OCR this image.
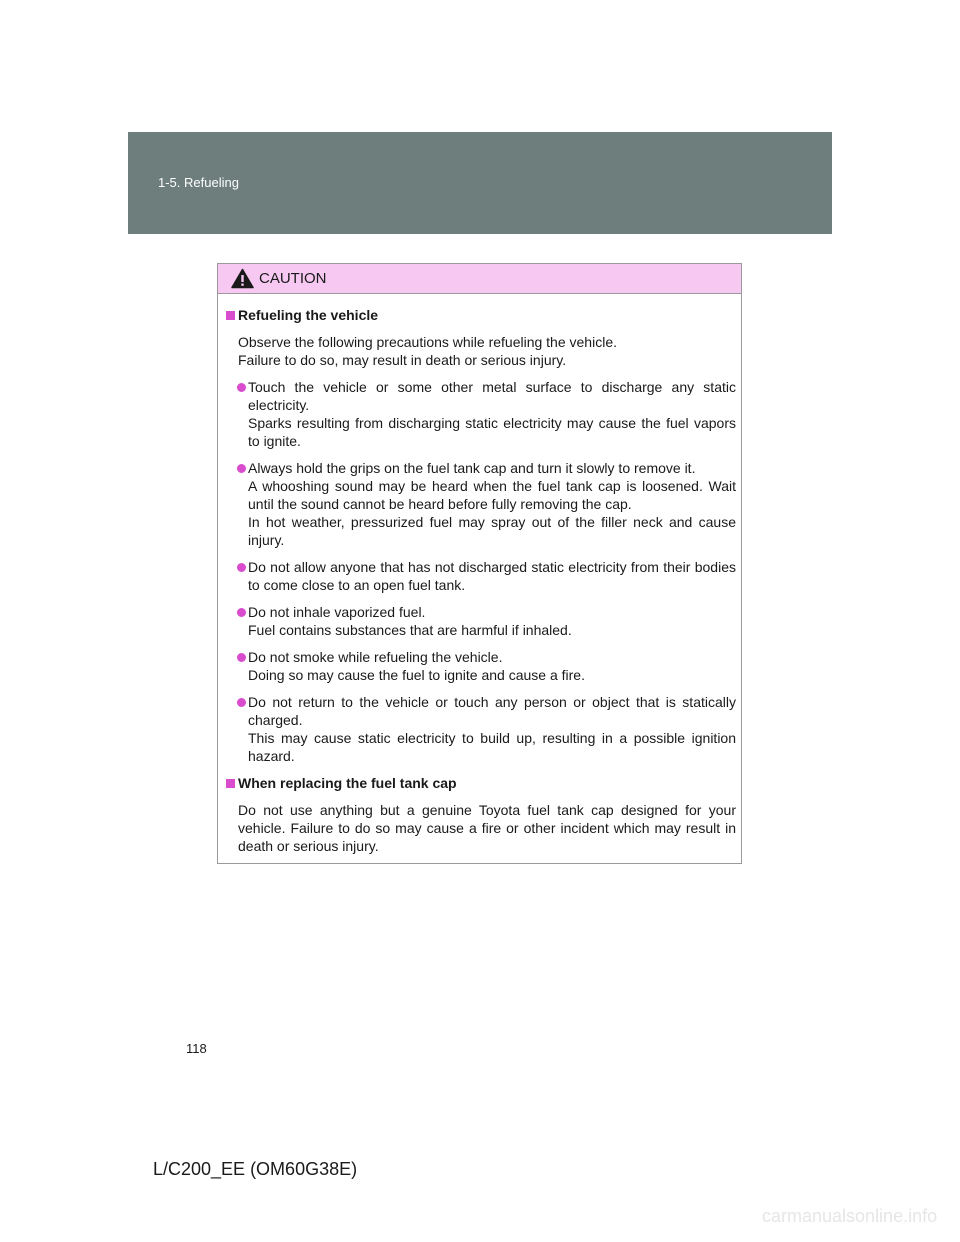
1-5. Refueling
CAUTION
Refueling the vehicle
Observe the following precautions while refueling the vehicle.
Failure to do so, may result in death or serious injury.
Touch the vehicle or some other metal surface to discharge any static electricity.
Sparks resulting from discharging static electricity may cause the fuel vapors to ignite.
Always hold the grips on the fuel tank cap and turn it slowly to remove it.
A whooshing sound may be heard when the fuel tank cap is loosened. Wait until the sound cannot be heard before fully removing the cap.
In hot weather, pressurized fuel may spray out of the filler neck and cause injury.
Do not allow anyone that has not discharged static electricity from their bodies to come close to an open fuel tank.
Do not inhale vaporized fuel.
Fuel contains substances that are harmful if inhaled.
Do not smoke while refueling the vehicle.
Doing so may cause the fuel to ignite and cause a fire.
Do not return to the vehicle or touch any person or object that is statically charged.
This may cause static electricity to build up, resulting in a possible ignition hazard.
When replacing the fuel tank cap
Do not use anything but a genuine Toyota fuel tank cap designed for your vehicle. Failure to do so may cause a fire or other incident which may result in death or serious injury.
118
L/C200_EE (OM60G38E)
carmanualsonline.info
